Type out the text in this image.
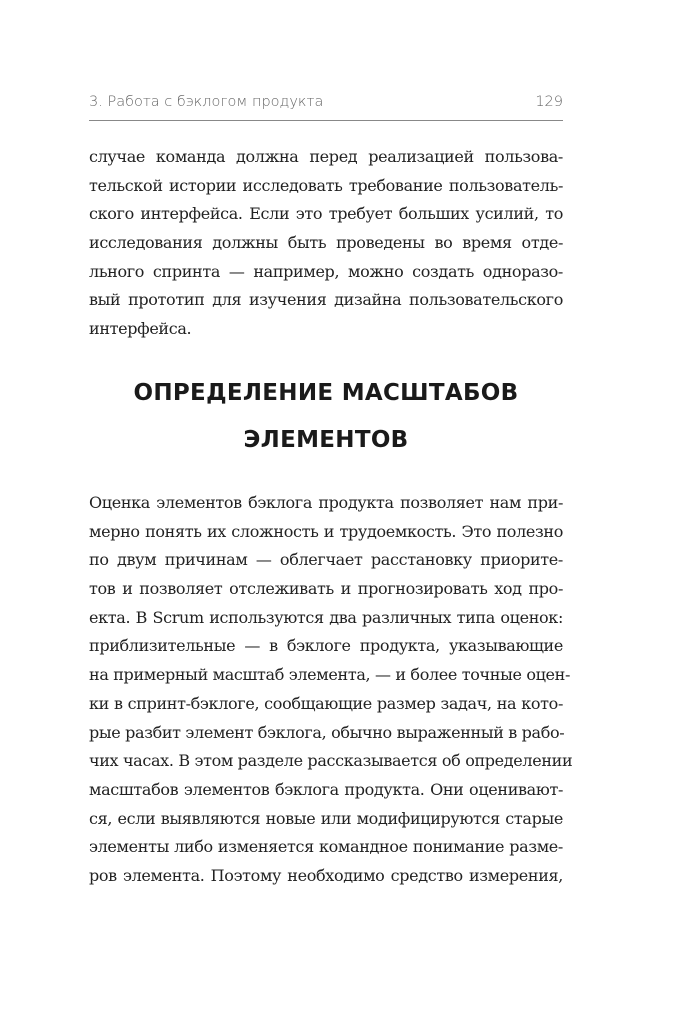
3. Работа с бэклогом продукта	129
случае команда должна перед реализацией пользова-
тельской истории исследовать требование пользователь-
ского интерфейса. Если это требует больших усилий, то
исследования должны быть проведены во время отде-
льного спринта — например, можно создать одноразо-
вый прототип для изучения дизайна пользовательского
интерфейса.
ОПРЕДЕЛЕНИЕ МАСШТАБОВ
ЭЛЕМЕНТОВ
Оценка элементов бэклога продукта позволяет нам при-
мерно понять их сложность и трудоемкость. Это полезно
по двум причинам — облегчает расстановку приорите-
тов и позволяет отслеживать и прогнозировать ход про-
екта. В Scrum используются два различных типа оценок:
приблизительные — в бэклоге продукта, указывающие
на примерный масштаб элемента, — и более точные оцен-
ки в спринт-бэклоге, сообщающие размер задач, на кото-
рые разбит элемент бэклога, обычно выраженный в рабо-
чих часах. В этом разделе рассказывается об определении
масштабов элементов бэклога продукта. Они оценивают-
ся, если выявляются новые или модифицируются старые
элементы либо изменяется командное понимание разме-
ров элемента. Поэтому необходимо средство измерения,
